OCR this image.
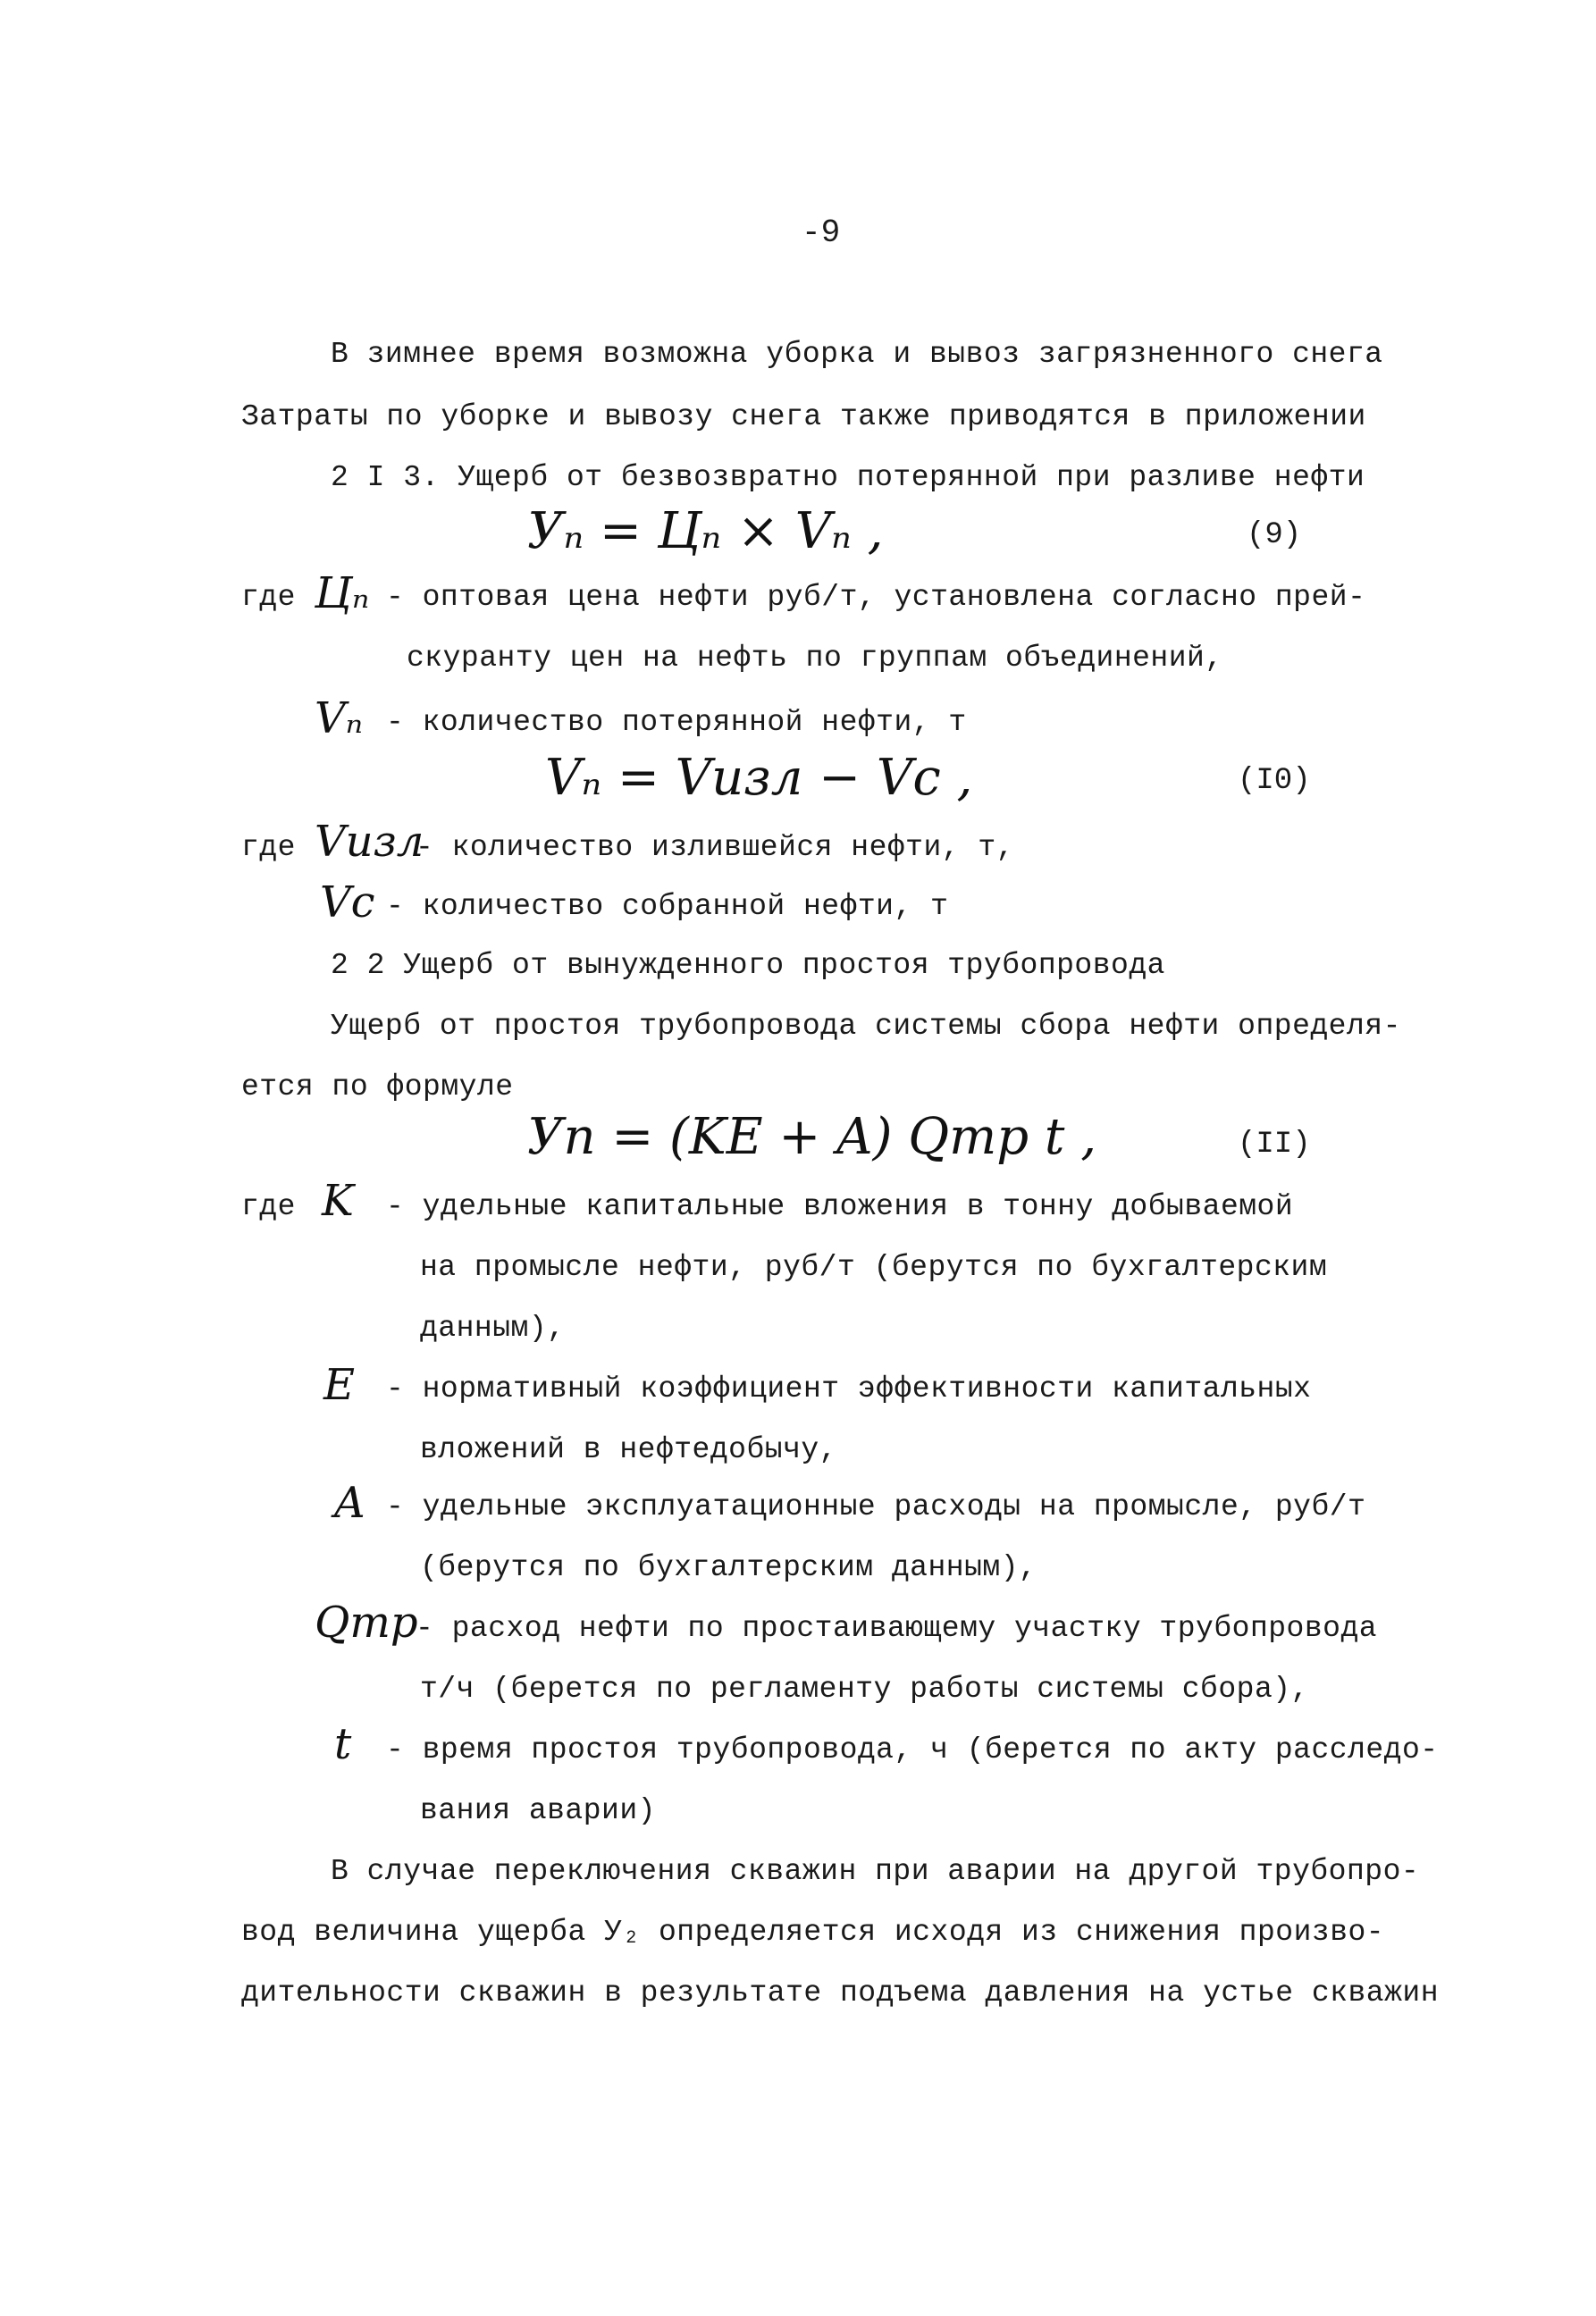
-9
В зимнее время возможна уборка и вывоз загрязненного снега
Затраты по уборке и вывозу снега также приводятся в приложении
2 I 3. Ущерб от безвозвратно потерянной при разливе нефти
Уₙ = Цₙ × Vₙ ,	(9)
где Цₙ - оптовая цена нефти руб/т, установлена согласно прей-
скуранту цен на нефть по группам объединений,
Vₙ - количество потерянной нефти, т
Vₙ = Vизл − Vс ,	(I0)
где Vизл
- количество излившейся нефти, т,
Vс - количество собранной нефти, т
2 2 Ущерб от вынужденного простоя трубопровода
Ущерб от простоя трубопровода системы сбора нефти определя-
ется по формуле
Уп = (KE + A) Qтр t ,	(II)
где K - удельные капитальные вложения в тонну добываемой
на промысле нефти, руб/т (берутся по бухгалтерским
данным),
E - нормативный коэффициент эффективности капитальных
вложений в нефтедобычу,
A - удельные эксплуатационные расходы на промысле, руб/т
(берутся по бухгалтерским данным),
Qтр
- расход нефти по простаивающему участку трубопровода
т/ч (берется по регламенту работы системы сбора),
t - время простоя трубопровода, ч (берется по акту расследо-
вания аварии)
В случае переключения скважин при аварии на другой трубопро-
вод величина ущерба У₂ определяется исходя из снижения произво-
дительности скважин в результате подъема давления на устье скважин
